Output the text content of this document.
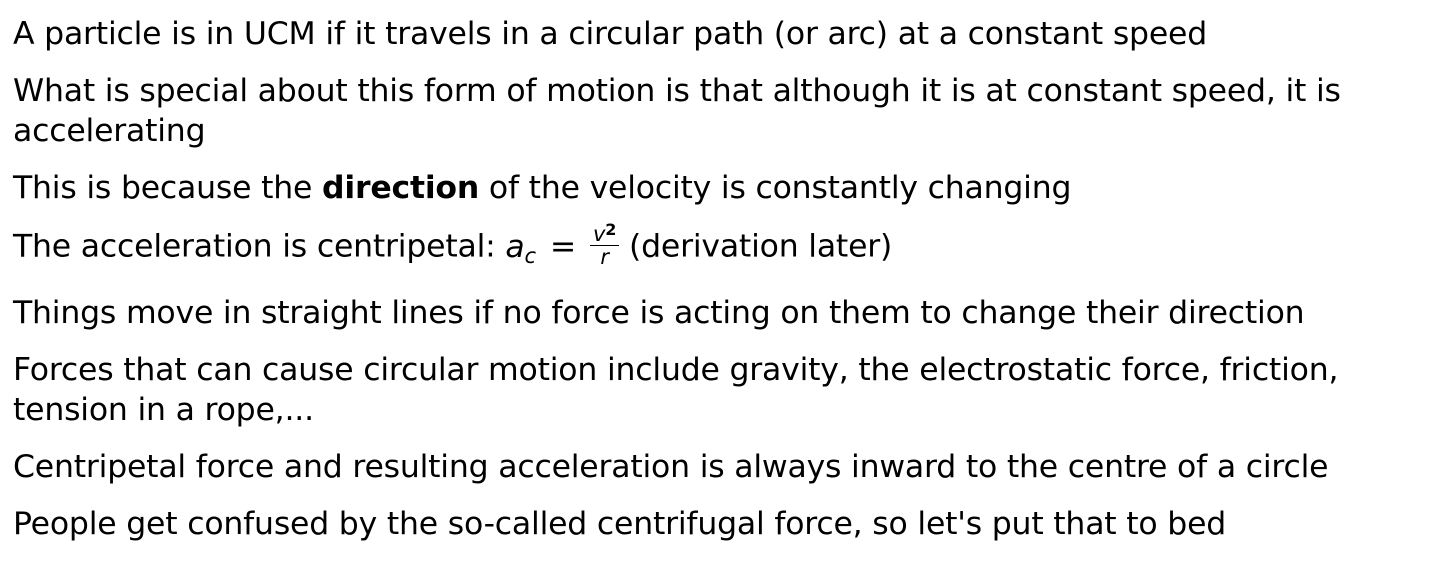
A particle is in UCM if it travels in a circular path (or arc) at a constant speed
What is special about this form of motion is that although it is at constant speed, it is accelerating
This is because the direction of the velocity is constantly changing
The acceleration is centripetal: $a_c = \frac{v^2}{r}$ (derivation later)
Things move in straight lines if no force is acting on them to change their direction
Forces that can cause circular motion include gravity, the electrostatic force, friction, tension in a rope,...
Centripetal force and resulting acceleration is always inward to the centre of a circle
People get confused by the so-called centrifugal force, so let's put that to bed
